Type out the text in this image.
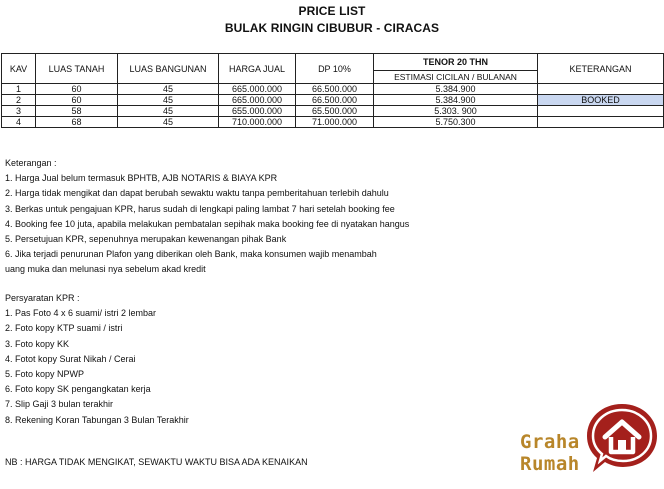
PRICE LIST
BULAK RINGIN CIBUBUR - CIRACAS
KAV	LUAS TANAH	LUAS BANGUNAN	HARGA JUAL	DP 10%	TENOR 20 THN
ESTIMASI CICILAN / BULANAN	KETERANGAN
1	60	45	665.000.000	66.500.000	5.384.900	
2	60	45	665.000.000	66.500.000	5.384.900	BOOKED
3	58	45	655.000.000	65.500.000	5.303. 900	
4	68	45	710.000.000	71.000.000	5.750.300	
Keterangan :
1. Harga Jual belum termasuk BPHTB, AJB NOTARIS & BIAYA KPR
2. Harga tidak mengikat dan dapat berubah sewaktu waktu tanpa pemberitahuan terlebih dahulu
3. Berkas untuk pengajuan KPR, harus sudah di lengkapi paling lambat 7 hari setelah booking fee
4. Booking fee 10 juta, apabila melakukan pembatalan sepihak maka booking fee di nyatakan hangus
5. Persetujuan KPR, sepenuhnya merupakan kewenangan pihak Bank
6. Jika terjadi penurunan Plafon yang diberikan oleh Bank, maka konsumen wajib menambah
uang muka dan melunasi nya sebelum akad kredit
Persyaratan KPR :
1. Pas Foto 4 x 6 suami/ istri 2 lembar
2. Foto kopy KTP suami / istri
3. Foto kopy KK
4. Fotot kopy Surat Nikah / Cerai
5. Foto kopy NPWP
6. Foto kopy SK pengangkatan kerja
7. Slip Gaji 3 bulan terakhir
8. Rekening Koran Tabungan 3 Bulan Terakhir
NB : HARGA TIDAK MENGIKAT, SEWAKTU WAKTU BISA ADA KENAIKAN
Graha
Rumah
